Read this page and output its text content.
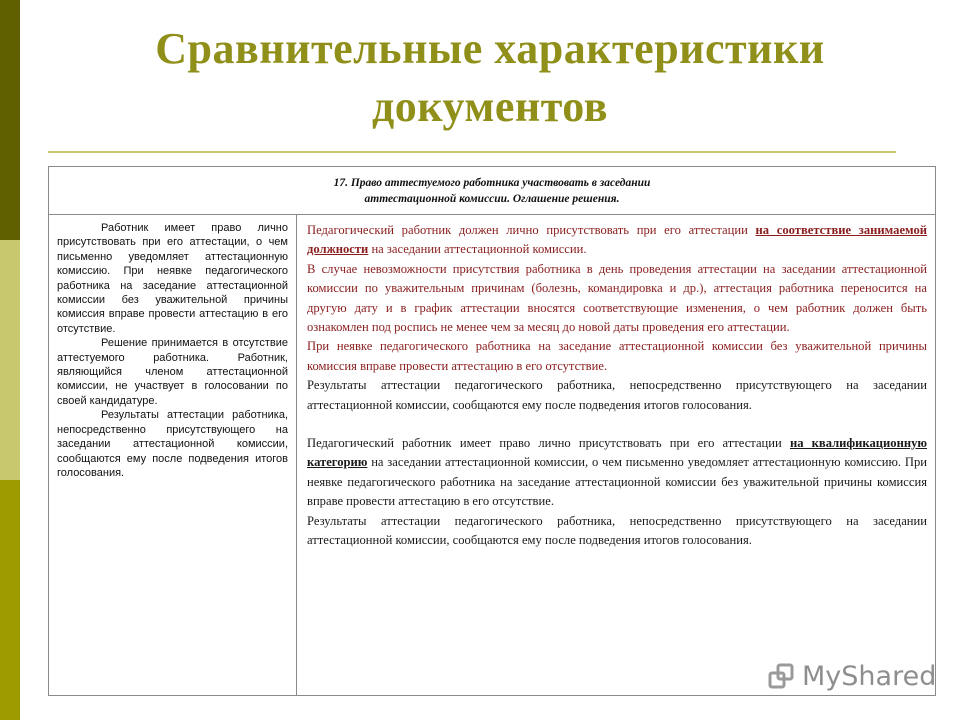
Сравнительные характеристики
документов
17. Право аттестуемого работника участвовать в заседании
аттестационной комиссии. Оглашение решения.

Работник имеет право лично присутствовать при его аттестации, о чем письменно уведомляет аттестационную комиссию. При неявке педагогического работника на заседание аттестационной комиссии без уважительной причины комиссия вправе провести аттестацию в его отсутствие.

Решение принимается в отсутствие аттестуемого работника. Работник, являющийся членом аттестационной комиссии, не участвует в голосовании по своей кандидатуре.

Результаты аттестации работника, непосредственно присутствующего на заседании аттестационной комиссии, сообщаются ему после подведения итогов голосования.

Педагогический работник должен лично присутствовать при его аттестации на соответствие занимаемой должности на заседании аттестационной комиссии.

В случае невозможности присутствия работника в день проведения аттестации на заседании аттестационной комиссии по уважительным причинам (болезнь, командировка и др.), аттестация работника переносится на другую дату и в график аттестации вносятся соответствующие изменения, о чем работник должен быть ознакомлен под роспись не менее чем за месяц до новой даты проведения его аттестации.

При неявке педагогического работника на заседание аттестационной комиссии без уважительной причины комиссия вправе провести аттестацию в его отсутствие.

Результаты аттестации педагогического работника, непосредственно присутствующего на заседании аттестационной комиссии, сообщаются ему после подведения итогов голосования.

Педагогический работник имеет право лично присутствовать при его аттестации на квалификационную категорию на заседании аттестационной комиссии, о чем письменно уведомляет аттестационную комиссию. При неявке педагогического работника на заседание аттестационной комиссии без уважительной причины комиссия вправе провести аттестацию в его отсутствие.

Результаты аттестации педагогического работника, непосредственно присутствующего на заседании аттестационной комиссии, сообщаются ему после подведения итогов голосования.

MyShared
